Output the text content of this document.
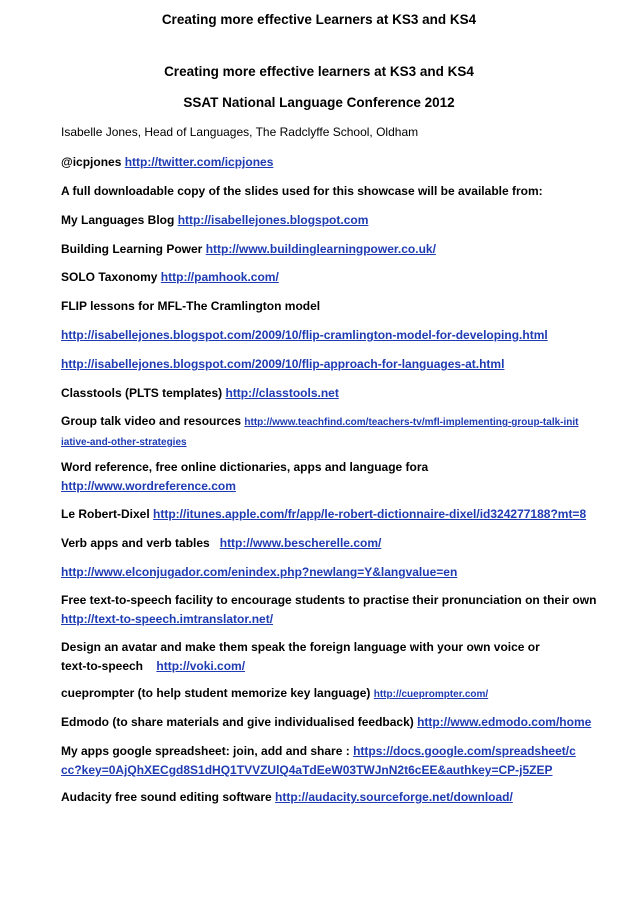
Creating more effective Learners at KS3 and KS4
Creating more effective learners at KS3 and KS4
SSAT National Language Conference 2012
Isabelle Jones, Head of Languages, The Radclyffe School, Oldham
@icpjones http://twitter.com/icpjones
A full downloadable copy of the slides used for this showcase will be available from:
My Languages Blog http://isabellejones.blogspot.com
Building Learning Power http://www.buildinglearningpower.co.uk/
SOLO Taxonomy http://pamhook.com/
FLIP lessons for MFL-The Cramlington model
http://isabellejones.blogspot.com/2009/10/flip-cramlington-model-for-developing.html
http://isabellejones.blogspot.com/2009/10/flip-approach-for-languages-at.html
Classtools (PLTS templates) http://classtools.net
Group talk video and resources http://www.teachfind.com/teachers-tv/mfl-implementing-group-talk-initiative-and-other-strategies
Word reference, free online dictionaries, apps and language fora
http://www.wordreference.com
Le Robert-Dixel http://itunes.apple.com/fr/app/le-robert-dictionnaire-dixel/id324277188?mt=8
Verb apps and verb tables   http://www.bescherelle.com/
http://www.elconjugador.com/enindex.php?newlang=Y&langvalue=en
Free text-to-speech facility to encourage students to practise their pronunciation on their own
http://text-to-speech.imtranslator.net/
Design an avatar and make them speak the foreign language with your own voice or text-to-speech    http://voki.com/
cueprompter (to help student memorize key language) http://cueprompter.com/
Edmodo (to share materials and give individualised feedback) http://www.edmodo.com/home
My apps google spreadsheet: join, add and share : https://docs.google.com/spreadsheet/ccc?key=0AjQhXECgd8S1dHQ1TVVZUlQ4aTdEeW03TWJnN2t6cEE&authkey=CP-j5ZEP
Audacity free sound editing software http://audacity.sourceforge.net/download/
